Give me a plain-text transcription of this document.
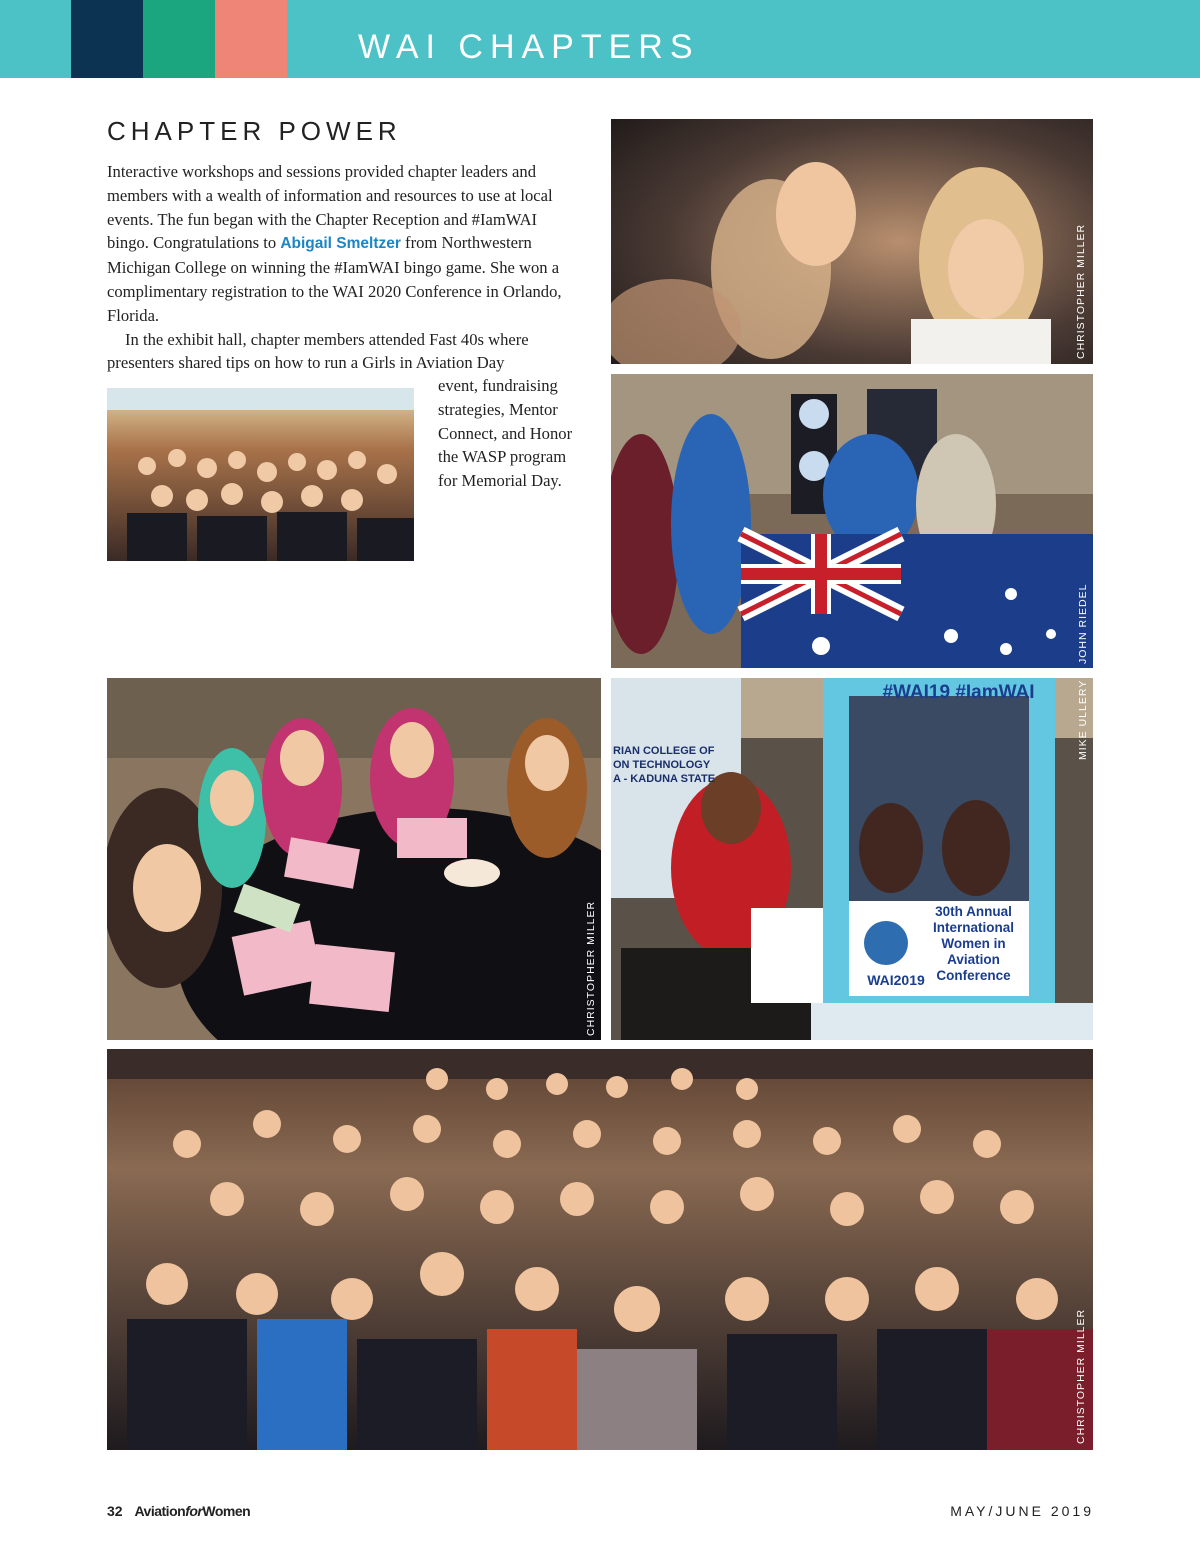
WAI CHAPTERS
CHAPTER POWER

Interactive workshops and sessions provided chapter leaders and members with a wealth of information and resources to use at local events. The fun began with the Chapter Reception and #IamWAI bingo. Congratulations to Abigail Smeltzer from Northwestern Michigan College on winning the #IamWAI bingo game. She won a complimentary registration to the WAI 2020 Conference in Orlando, Florida.

In the exhibit hall, chapter members attended Fast 40s where presenters shared tips on how to run a Girls in Aviation Day

event, fundraising strategies, Mentor Connect, and Honor the WASP program for Memorial Day.
CHRISTOPHER MILLER
JOHN RIEDEL
CHRISTOPHER MILLER
#WAI19 #IamWAI
RIAN COLLEGE OF
ON TECHNOLOGY
A - KADUNA STATE
30th Annual
International
Women in
Aviation
Conference
WAI2019
MIKE ULLERY
CHRISTOPHER MILLER
32 AviationforWomen	MAY/JUNE 2019
